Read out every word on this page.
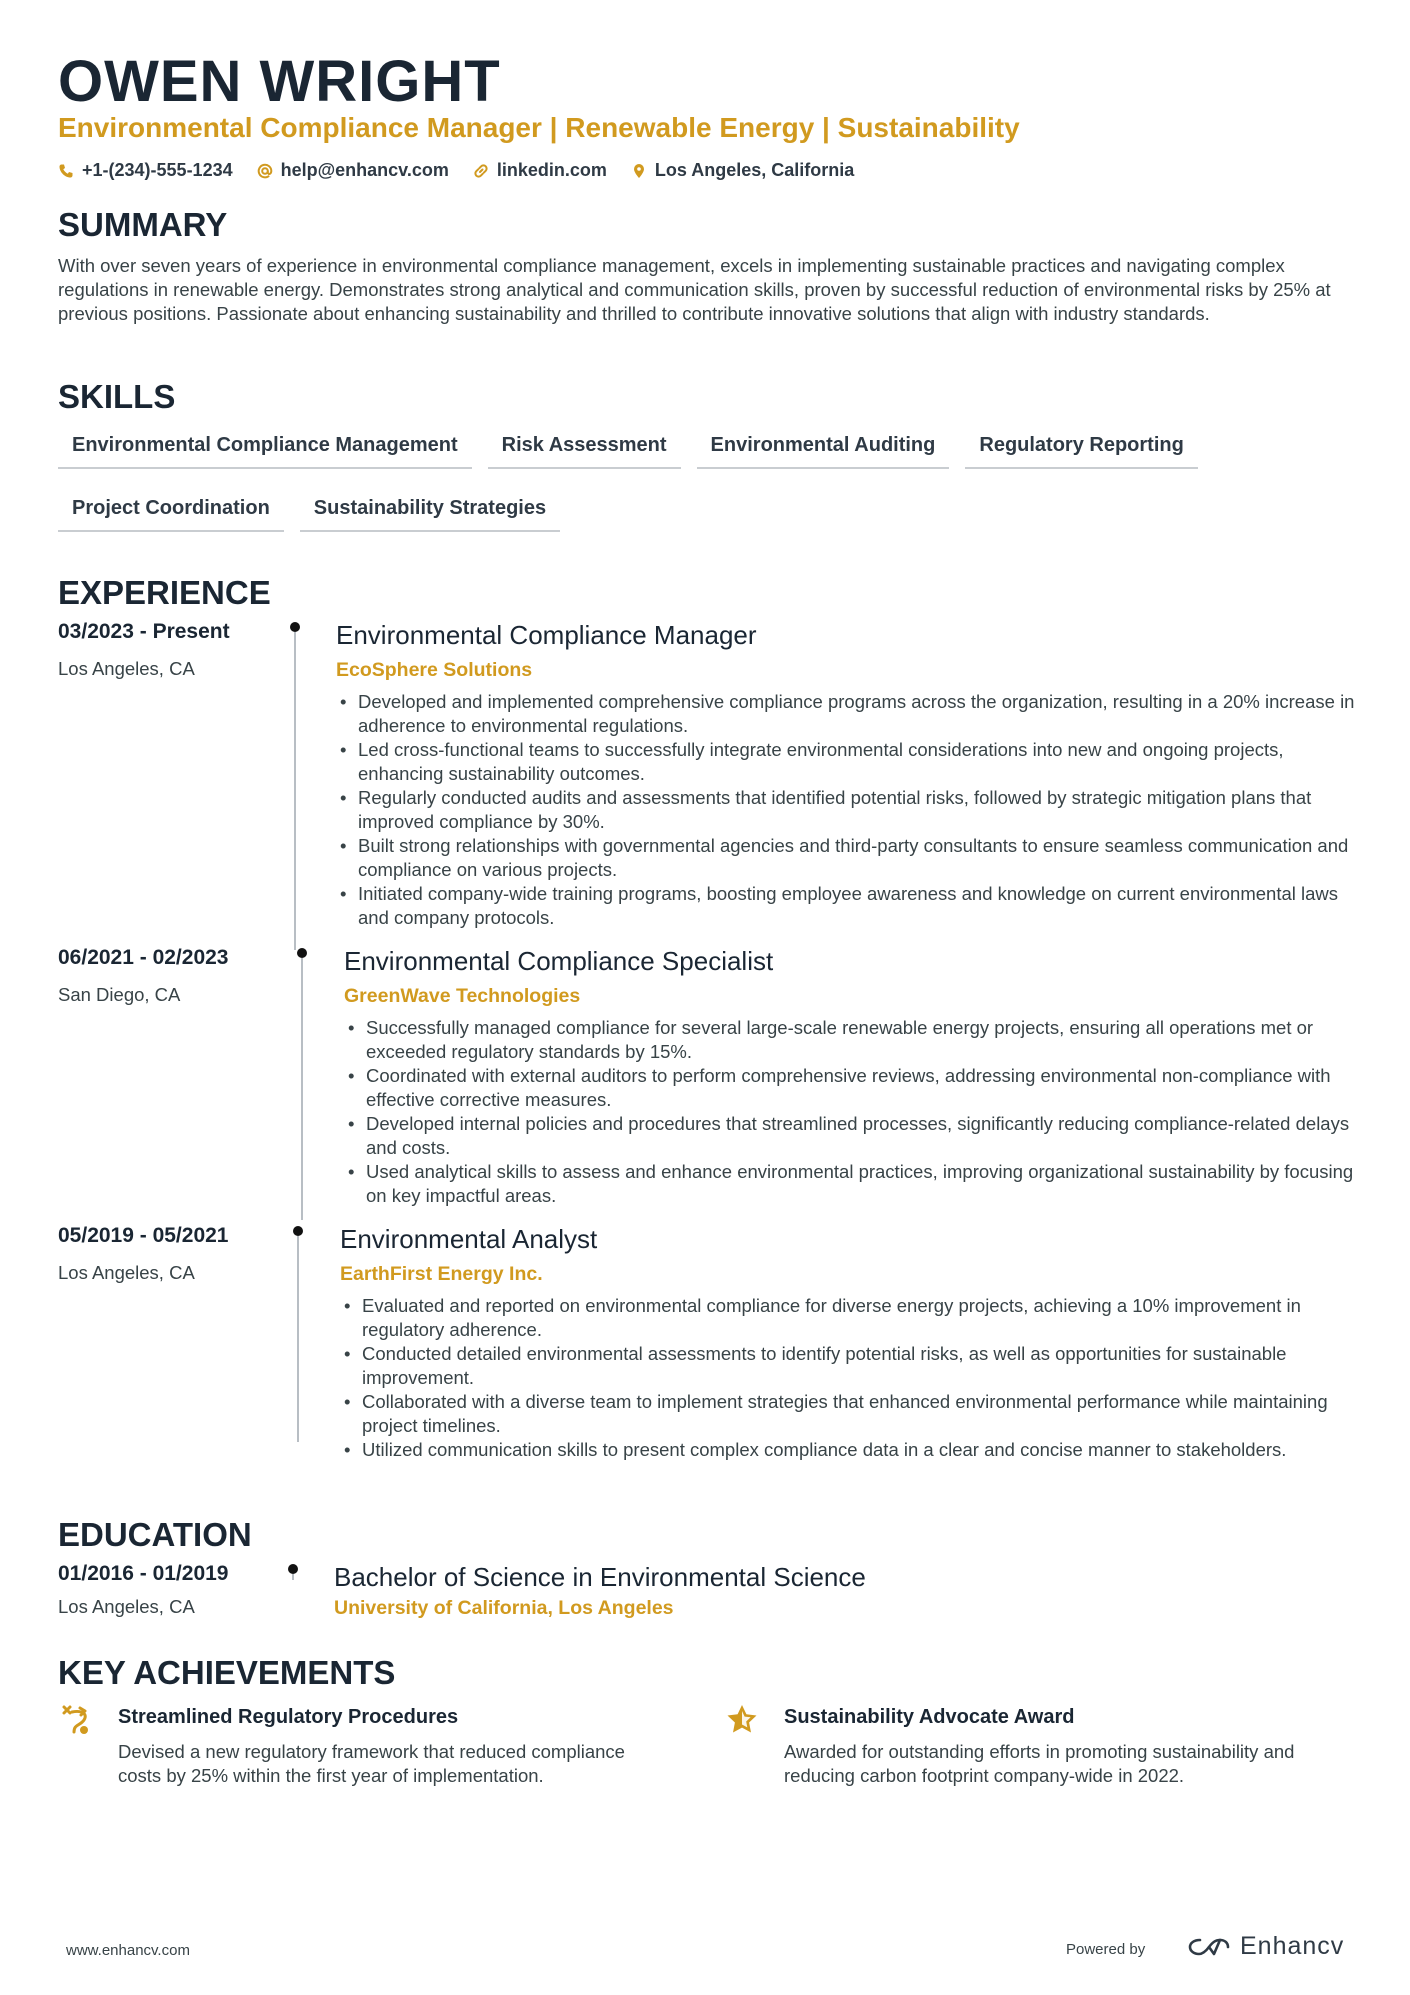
OWEN WRIGHT
Environmental Compliance Manager | Renewable Energy | Sustainability
+1-(234)-555-1234	help@enhancv.com	linkedin.com	Los Angeles, California
SUMMARY
With over seven years of experience in environmental compliance management, excels in implementing sustainable practices and navigating complex regulations in renewable energy. Demonstrates strong analytical and communication skills, proven by successful reduction of environmental risks by 25% at previous positions. Passionate about enhancing sustainability and thrilled to contribute innovative solutions that align with industry standards.
SKILLS
Environmental Compliance Management	Risk Assessment	Environmental Auditing	Regulatory Reporting
Project Coordination	Sustainability Strategies
EXPERIENCE
03/2023 - Present
Los Angeles, CA
Environmental Compliance Manager
EcoSphere Solutions
• Developed and implemented comprehensive compliance programs across the organization, resulting in a 20% increase in adherence to environmental regulations.
• Led cross-functional teams to successfully integrate environmental considerations into new and ongoing projects, enhancing sustainability outcomes.
• Regularly conducted audits and assessments that identified potential risks, followed by strategic mitigation plans that improved compliance by 30%.
• Built strong relationships with governmental agencies and third-party consultants to ensure seamless communication and compliance on various projects.
• Initiated company-wide training programs, boosting employee awareness and knowledge on current environmental laws and company protocols.
06/2021 - 02/2023
San Diego, CA
Environmental Compliance Specialist
GreenWave Technologies
• Successfully managed compliance for several large-scale renewable energy projects, ensuring all operations met or exceeded regulatory standards by 15%.
• Coordinated with external auditors to perform comprehensive reviews, addressing environmental non-compliance with effective corrective measures.
• Developed internal policies and procedures that streamlined processes, significantly reducing compliance-related delays and costs.
• Used analytical skills to assess and enhance environmental practices, improving organizational sustainability by focusing on key impactful areas.
05/2019 - 05/2021
Los Angeles, CA
Environmental Analyst
EarthFirst Energy Inc.
• Evaluated and reported on environmental compliance for diverse energy projects, achieving a 10% improvement in regulatory adherence.
• Conducted detailed environmental assessments to identify potential risks, as well as opportunities for sustainable improvement.
• Collaborated with a diverse team to implement strategies that enhanced environmental performance while maintaining project timelines.
• Utilized communication skills to present complex compliance data in a clear and concise manner to stakeholders.
EDUCATION
01/2016 - 01/2019
Los Angeles, CA
Bachelor of Science in Environmental Science
University of California, Los Angeles
KEY ACHIEVEMENTS
Streamlined Regulatory Procedures
Devised a new regulatory framework that reduced compliance costs by 25% within the first year of implementation.
Sustainability Advocate Award
Awarded for outstanding efforts in promoting sustainability and reducing carbon footprint company-wide in 2022.
www.enhancv.com	Powered by	Enhancv
